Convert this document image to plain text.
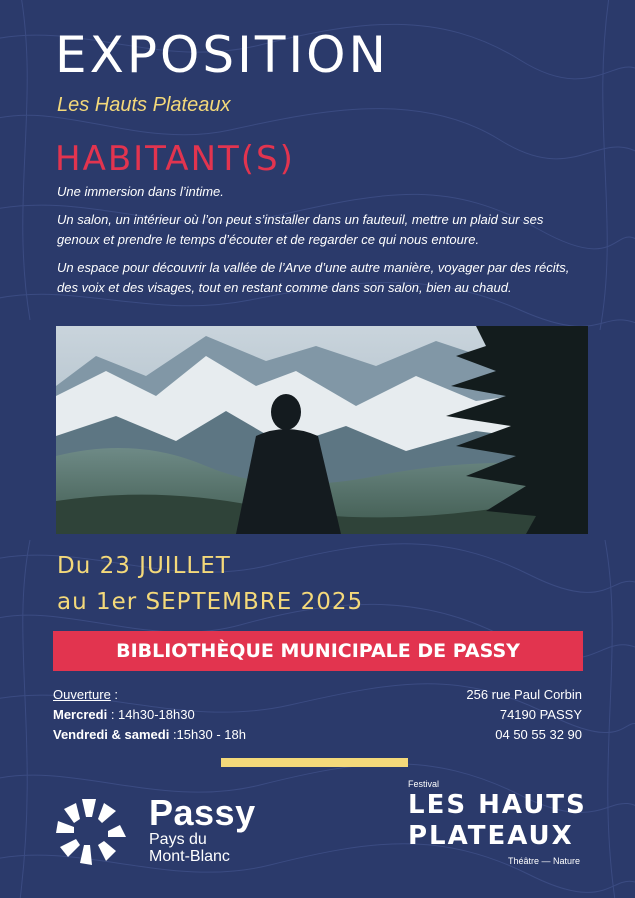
EXPOSITION
Les Hauts Plateaux
HABITANT(S)

Une immersion dans l’intime.

Un salon, un intérieur où l’on peut s’installer dans un fauteuil, mettre un plaid sur ses genoux et prendre le temps d’écouter et de regarder ce qui nous entoure.

Un espace pour découvrir la vallée de l’Arve d’une autre manière, voyager par des récits, des voix et des visages, tout en restant comme dans son salon, bien au chaud.

Du 23 JUILLET
au 1er SEPTEMBRE 2025
BIBLIOTHÈQUE MUNICIPALE DE PASSY
Ouverture :
Mercredi : 14h30-18h30
Vendredi & samedi :15h30 - 18h
256 rue Paul Corbin
74190 PASSY
04 50 55 32 90
Passy
Pays du
Mont-Blanc
Festival
LES HAUTS
PLATEAUX
Théâtre — Nature
